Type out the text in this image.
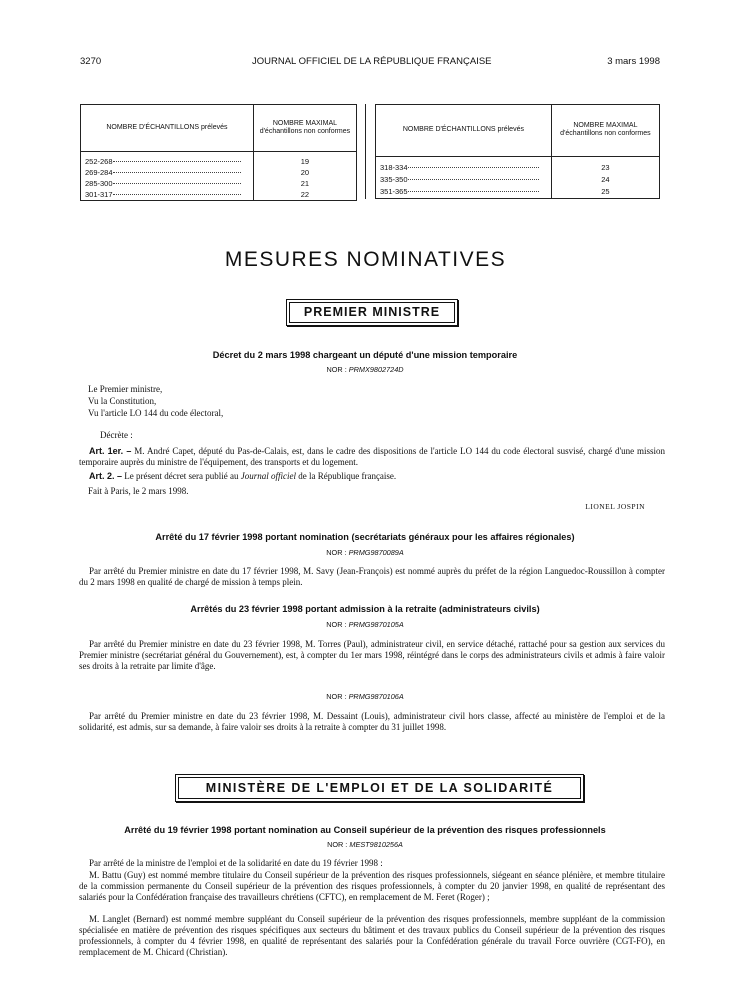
3270	JOURNAL OFFICIEL DE LA RÉPUBLIQUE FRANÇAISE	3 mars 1998
NOMBRE D'ÉCHANTILLONS prélevés	NOMBRE MAXIMAL d'échantillons non conformes
252-268	19
269-284	20
285-300	21
301-317	22
NOMBRE D'ÉCHANTILLONS prélevés	NOMBRE MAXIMAL d'échantillons non conformes
318-334	23
335-350	24
351-365	25
MESURES NOMINATIVES
PREMIER MINISTRE
Décret du 2 mars 1998 chargeant un député d'une mission temporaire
NOR : PRMX9802724D
Le Premier ministre,
Vu la Constitution,
Vu l'article LO 144 du code électoral,
Décrète :
Art. 1er. – M. André Capet, député du Pas-de-Calais, est, dans le cadre des dispositions de l'article LO 144 du code électoral susvisé, chargé d'une mission temporaire auprès du ministre de l'équipement, des transports et du logement.
Art. 2. – Le présent décret sera publié au Journal officiel de la République française.
Fait à Paris, le 2 mars 1998.
LIONEL JOSPIN
Arrêté du 17 février 1998 portant nomination (secrétariats généraux pour les affaires régionales)
NOR : PRMG9870089A
Par arrêté du Premier ministre en date du 17 février 1998, M. Savy (Jean-François) est nommé auprès du préfet de la région Languedoc-Roussillon à compter du 2 mars 1998 en qualité de chargé de mission à temps plein.
Arrêtés du 23 février 1998 portant admission à la retraite (administrateurs civils)
NOR : PRMG9870105A
Par arrêté du Premier ministre en date du 23 février 1998, M. Torres (Paul), administrateur civil, en service détaché, rattaché pour sa gestion aux services du Premier ministre (secrétariat général du Gouvernement), est, à compter du 1er mars 1998, réintégré dans le corps des administrateurs civils et admis à faire valoir ses droits à la retraite par limite d'âge.
NOR : PRMG9870106A
Par arrêté du Premier ministre en date du 23 février 1998, M. Dessaint (Louis), administrateur civil hors classe, affecté au ministère de l'emploi et de la solidarité, est admis, sur sa demande, à faire valoir ses droits à la retraite à compter du 31 juillet 1998.
MINISTÈRE DE L'EMPLOI ET DE LA SOLIDARITÉ
Arrêté du 19 février 1998 portant nomination au Conseil supérieur de la prévention des risques professionnels
NOR : MEST9810256A
Par arrêté de la ministre de l'emploi et de la solidarité en date du 19 février 1998 :
M. Battu (Guy) est nommé membre titulaire du Conseil supérieur de la prévention des risques professionnels, siégeant en séance plénière, et membre titulaire de la commission permanente du Conseil supérieur de la prévention des risques professionnels, à compter du 20 janvier 1998, en qualité de représentant des salariés pour la Confédération française des travailleurs chrétiens (CFTC), en remplacement de M. Feret (Roger) ;
M. Langlet (Bernard) est nommé membre suppléant du Conseil supérieur de la prévention des risques professionnels, membre suppléant de la commission spécialisée en matière de prévention des risques spécifiques aux secteurs du bâtiment et des travaux publics du Conseil supérieur de la prévention des risques professionnels, à compter du 4 février 1998, en qualité de représentant des salariés pour la Confédération générale du travail Force ouvrière (CGT-FO), en remplacement de M. Chicard (Christian).
